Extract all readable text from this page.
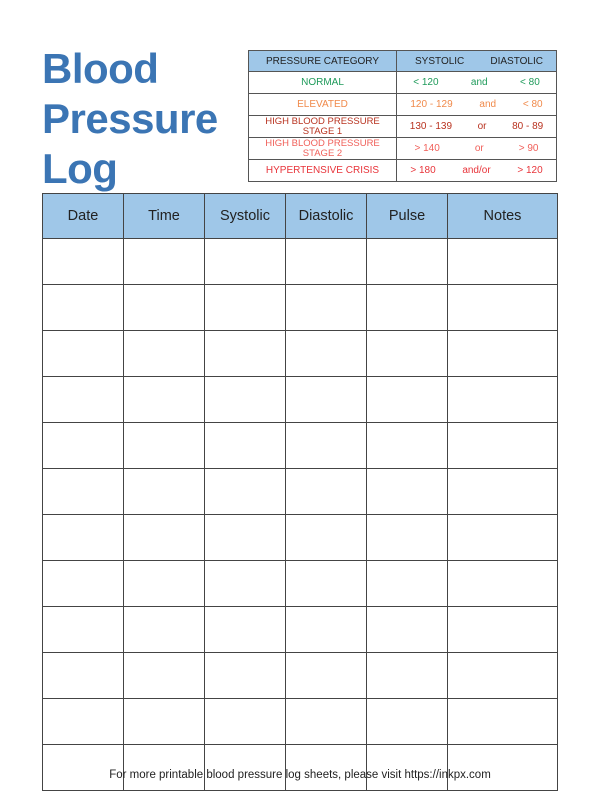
Blood
Pressure
Log
PRESSURE CATEGORY	SYSTOLIC DIASTOLIC

NORMAL	< 120 and < 80

ELEVATED	120 - 129 and < 80

HIGH BLOOD PRESSURE
STAGE 1	130 - 139 or 80 - 89

HIGH BLOOD PRESSURE
STAGE 2	> 140 or > 90

HYPERTENSIVE CRISIS	> 180 and/or > 120
Date	Time	Systolic	Diastolic	Pulse	Notes

For more printable blood pressure log sheets, please visit https://inkpx.com
